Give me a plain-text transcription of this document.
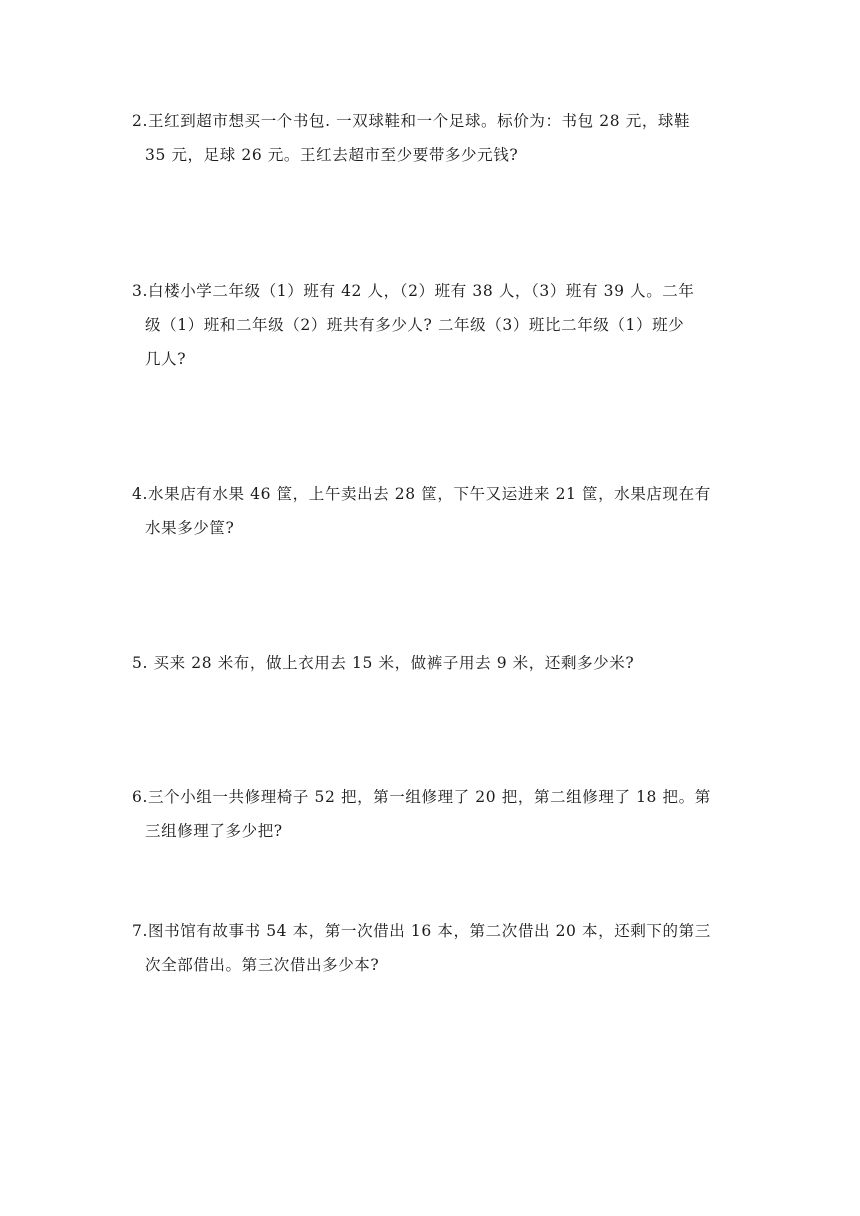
2.王红到超市想买一个书包. 一双球鞋和一个足球。标价为：书包 28 元，球鞋
35 元，足球 26 元。王红去超市至少要带多少元钱?
3.白楼小学二年级（1）班有 42 人，（2）班有 38 人，（3）班有 39 人。二年
级（1）班和二年级（2）班共有多少人? 二年级（3）班比二年级（1）班少
几人?
4.水果店有水果 46 筐，上午卖出去 28 筐，下午又运进来 21 筐，水果店现在有
水果多少筐?
5. 买来 28 米布，做上衣用去 15 米，做裤子用去 9 米，还剩多少米?
6.三个小组一共修理椅子 52 把，第一组修理了 20 把，第二组修理了 18 把。第
三组修理了多少把?
7.图书馆有故事书 54 本，第一次借出 16 本，第二次借出 20 本，还剩下的第三
次全部借出。第三次借出多少本?
